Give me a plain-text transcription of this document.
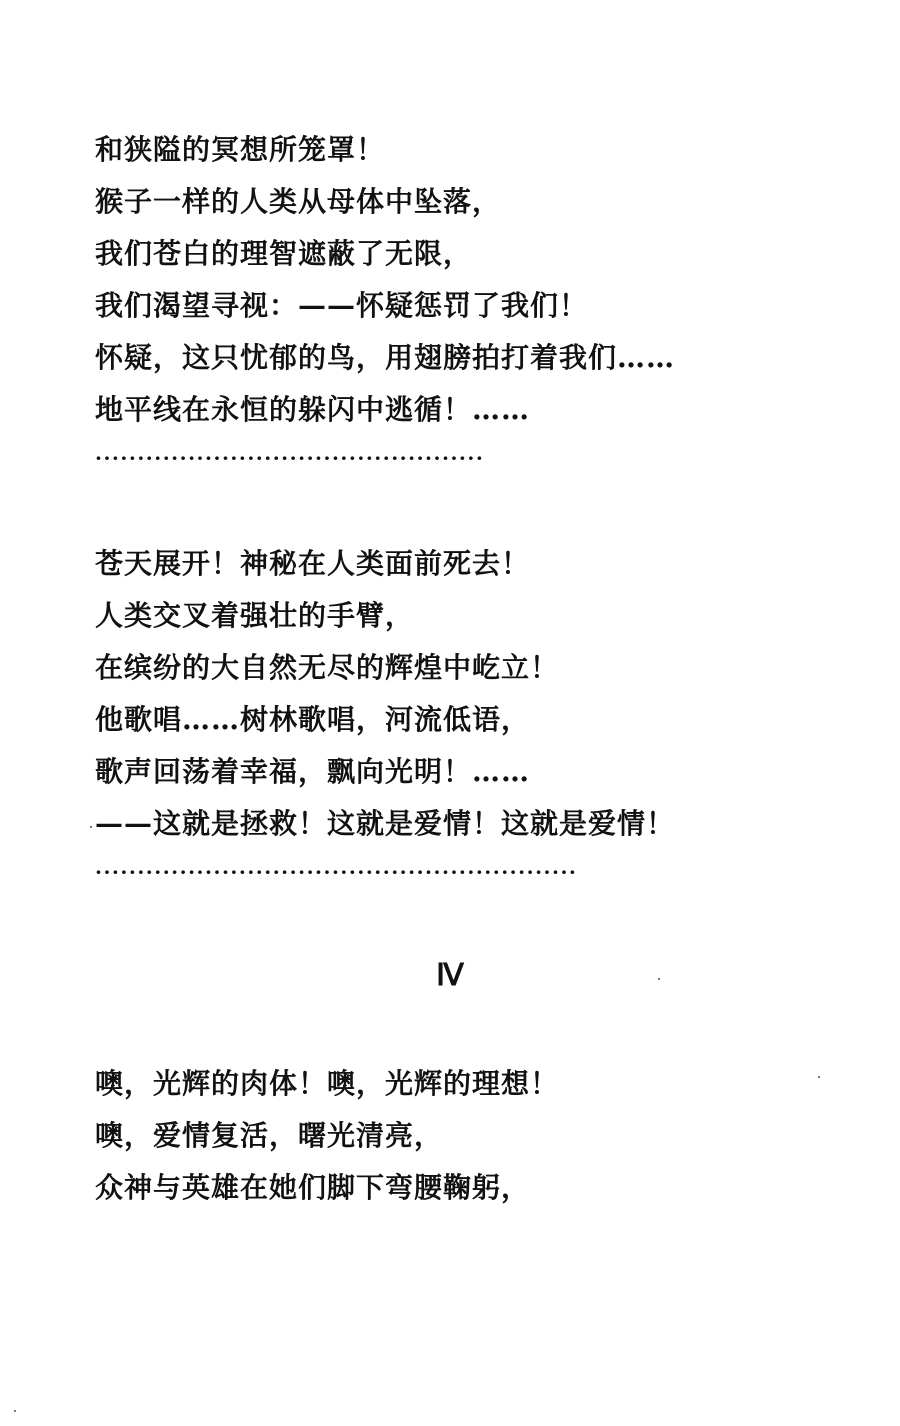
和狭隘的冥想所笼罩！
猴子一样的人类从母体中坠落，
我们苍白的理智遮蔽了无限，
我们渴望寻视：——怀疑惩罚了我们！
怀疑，这只忧郁的鸟，用翅膀拍打着我们……
地平线在永恒的躲闪中逃循！……
··············································
苍天展开！神秘在人类面前死去！
人类交叉着强壮的手臂，
在缤纷的大自然无尽的辉煌中屹立！
他歌唱……树林歌唱，河流低语，
歌声回荡着幸福，飘向光明！……
——这就是拯救！这就是爱情！这就是爱情！
·························································
Ⅳ
噢，光辉的肉体！噢，光辉的理想！
噢，爱情复活，曙光清亮，
众神与英雄在她们脚下弯腰鞠躬，
